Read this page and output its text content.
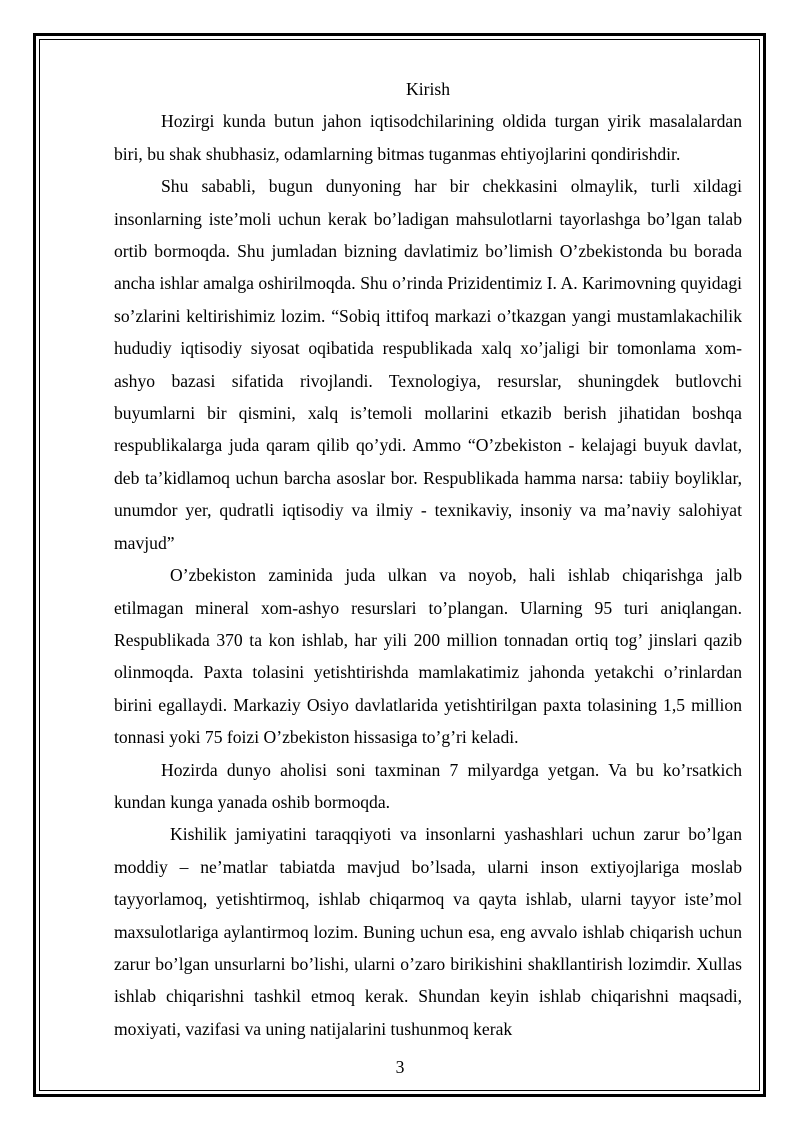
Kirish

Hozirgi kunda butun jahon iqtisodchilarining oldida turgan yirik masalalardan biri, bu shak shubhasiz, odamlarning bitmas tuganmas ehtiyojlarini qondirishdir.

Shu sababli, bugun dunyoning har bir chekkasini olmaylik, turli xildagi insonlarning iste’moli uchun kerak bo’ladigan mahsulotlarni tayorlashga bo’lgan talab ortib bormoqda. Shu jumladan bizning davlatimiz bo’limish O’zbekistonda bu borada ancha ishlar amalga oshirilmoqda. Shu o’rinda Prizidentimiz I. A. Karimovning quyidagi so’zlarini keltirishimiz lozim. “Sobiq ittifoq markazi o’tkazgan yangi mustamlakachilik hududiy iqtisodiy siyosat oqibatida respublikada xalq xo’jaligi bir tomonlama xom-ashyo bazasi sifatida rivojlandi. Texnologiya, resurslar, shuningdek butlovchi buyumlarni bir qismini, xalq is’temoli mollarini etkazib berish jihatidan boshqa respublikalarga juda qaram qilib qo’ydi. Ammo “O’zbekiston - kelajagi buyuk davlat, deb ta’kidlamoq uchun barcha asoslar bor. Respublikada hamma narsa: tabiiy boyliklar, unumdor yer, qudratli iqtisodiy va ilmiy - texnikaviy, insoniy va ma’naviy salohiyat mavjud”

O’zbekiston zaminida juda ulkan va noyob, hali ishlab chiqarishga jalb etilmagan mineral xom-ashyo resurslari to’plangan. Ularning 95 turi aniqlangan. Respublikada 370 ta kon ishlab, har yili 200 million tonnadan ortiq tog’ jinslari qazib olinmoqda. Paxta tolasini yetishtirishda mamlakatimiz jahonda yetakchi o’rinlardan birini egallaydi. Markaziy Osiyo davlatlarida yetishtirilgan paxta tolasining 1,5 million tonnasi yoki 75 foizi O’zbekiston hissasiga to’g’ri keladi.

Hozirda dunyo aholisi soni taxminan 7 milyardga yetgan. Va bu ko’rsatkich kundan kunga yanada oshib bormoqda.

Kishilik jamiyatini taraqqiyoti va insonlarni yashashlari uchun zarur bo’lgan moddiy – ne’matlar tabiatda mavjud bo’lsada, ularni inson extiyojlariga moslab tayyorlamoq, yetishtirmoq, ishlab chiqarmoq va qayta ishlab, ularni tayyor iste’mol maxsulotlariga aylantirmoq lozim. Buning uchun esa, eng avvalo ishlab chiqarish uchun zarur bo’lgan unsurlarni bo’lishi, ularni o’zaro birikishini shakllantirish lozimdir. Xullas ishlab chiqarishni tashkil etmoq kerak. Shundan keyin ishlab chiqarishni maqsadi, moxiyati, vazifasi va uning natijalarini tushunmoq kerak

3
